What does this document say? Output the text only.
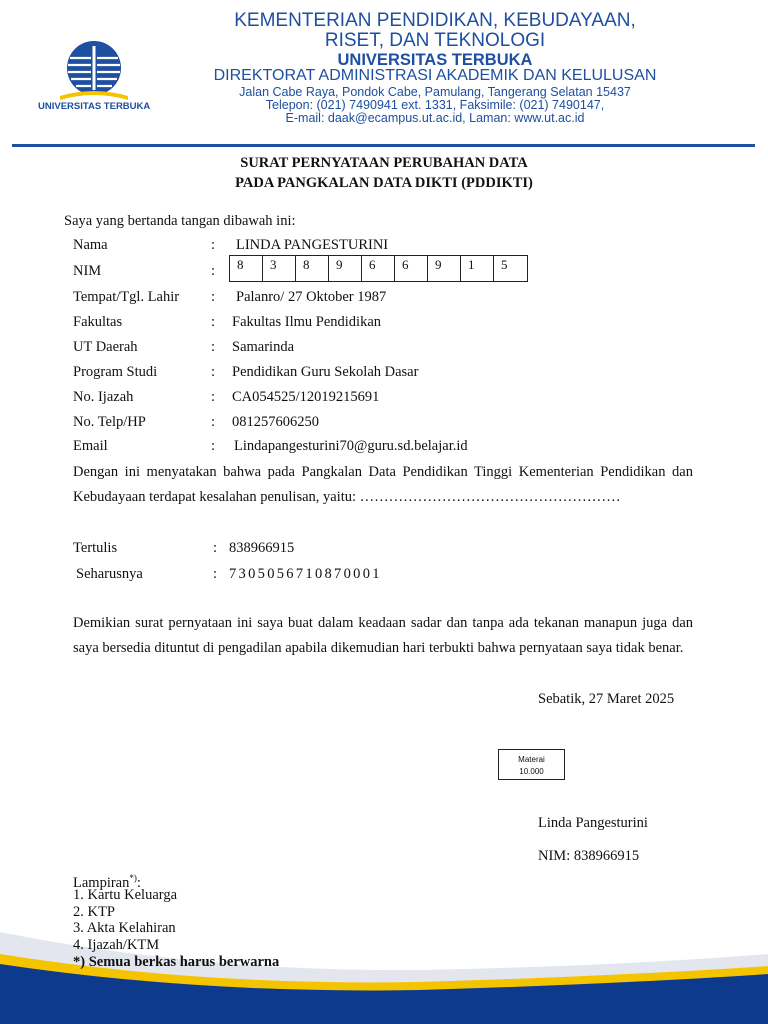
UNIVERSITAS TERBUKA
KEMENTERIAN PENDIDIKAN, KEBUDAYAAN,
RISET, DAN TEKNOLOGI
UNIVERSITAS TERBUKA
DIREKTORAT ADMINISTRASI AKADEMIK DAN KELULUSAN
Jalan Cabe Raya, Pondok Cabe, Pamulang, Tangerang Selatan 15437
Telepon: (021) 7490941 ext. 1331, Faksimile: (021) 7490147,
E-mail: daak@ecampus.ut.ac.id, Laman: www.ut.ac.id
SURAT PERNYATAAN PERUBAHAN DATA
PADA PANGKALAN DATA DIKTI (PDDIKTI)
Saya yang bertanda tangan dibawah ini:
Nama	: LINDA PANGESTURINI
NIM	:	8	3	8	9	6	6	9	1	5
Tempat/Tgl. Lahir : Palanro/ 27 Oktober 1987
Fakultas	: Fakultas Ilmu Pendidikan
UT Daerah	: Samarinda
Program Studi	: Pendidikan Guru Sekolah Dasar
No. Ijazah	: CA054525/12019215691
No. Telp/HP	: 081257606250
Email	: Lindapangesturini70@guru.sd.belajar.id
Dengan ini menyatakan bahwa pada Pangkalan Data Pendidikan Tinggi Kementerian Pendidikan dan Kebudayaan terdapat kesalahan penulisan, yaitu: ………………………………………………
Tertulis	: 838966915
Seharusnya	: 7305056710870001
Demikian surat pernyataan ini saya buat dalam keadaan sadar dan tanpa ada tekanan manapun juga dan saya bersedia dituntut di pengadilan apabila dikemudian hari terbukti bahwa pernyataan saya tidak benar.
Sebatik, 27 Maret 2025
Materai
10.000
Linda Pangesturini
NIM: 838966915
Lampiran*):
1. Kartu Keluarga
2. KTP
3. Akta Kelahiran
4. Ijazah/KTM
*) Semua berkas harus berwarna
